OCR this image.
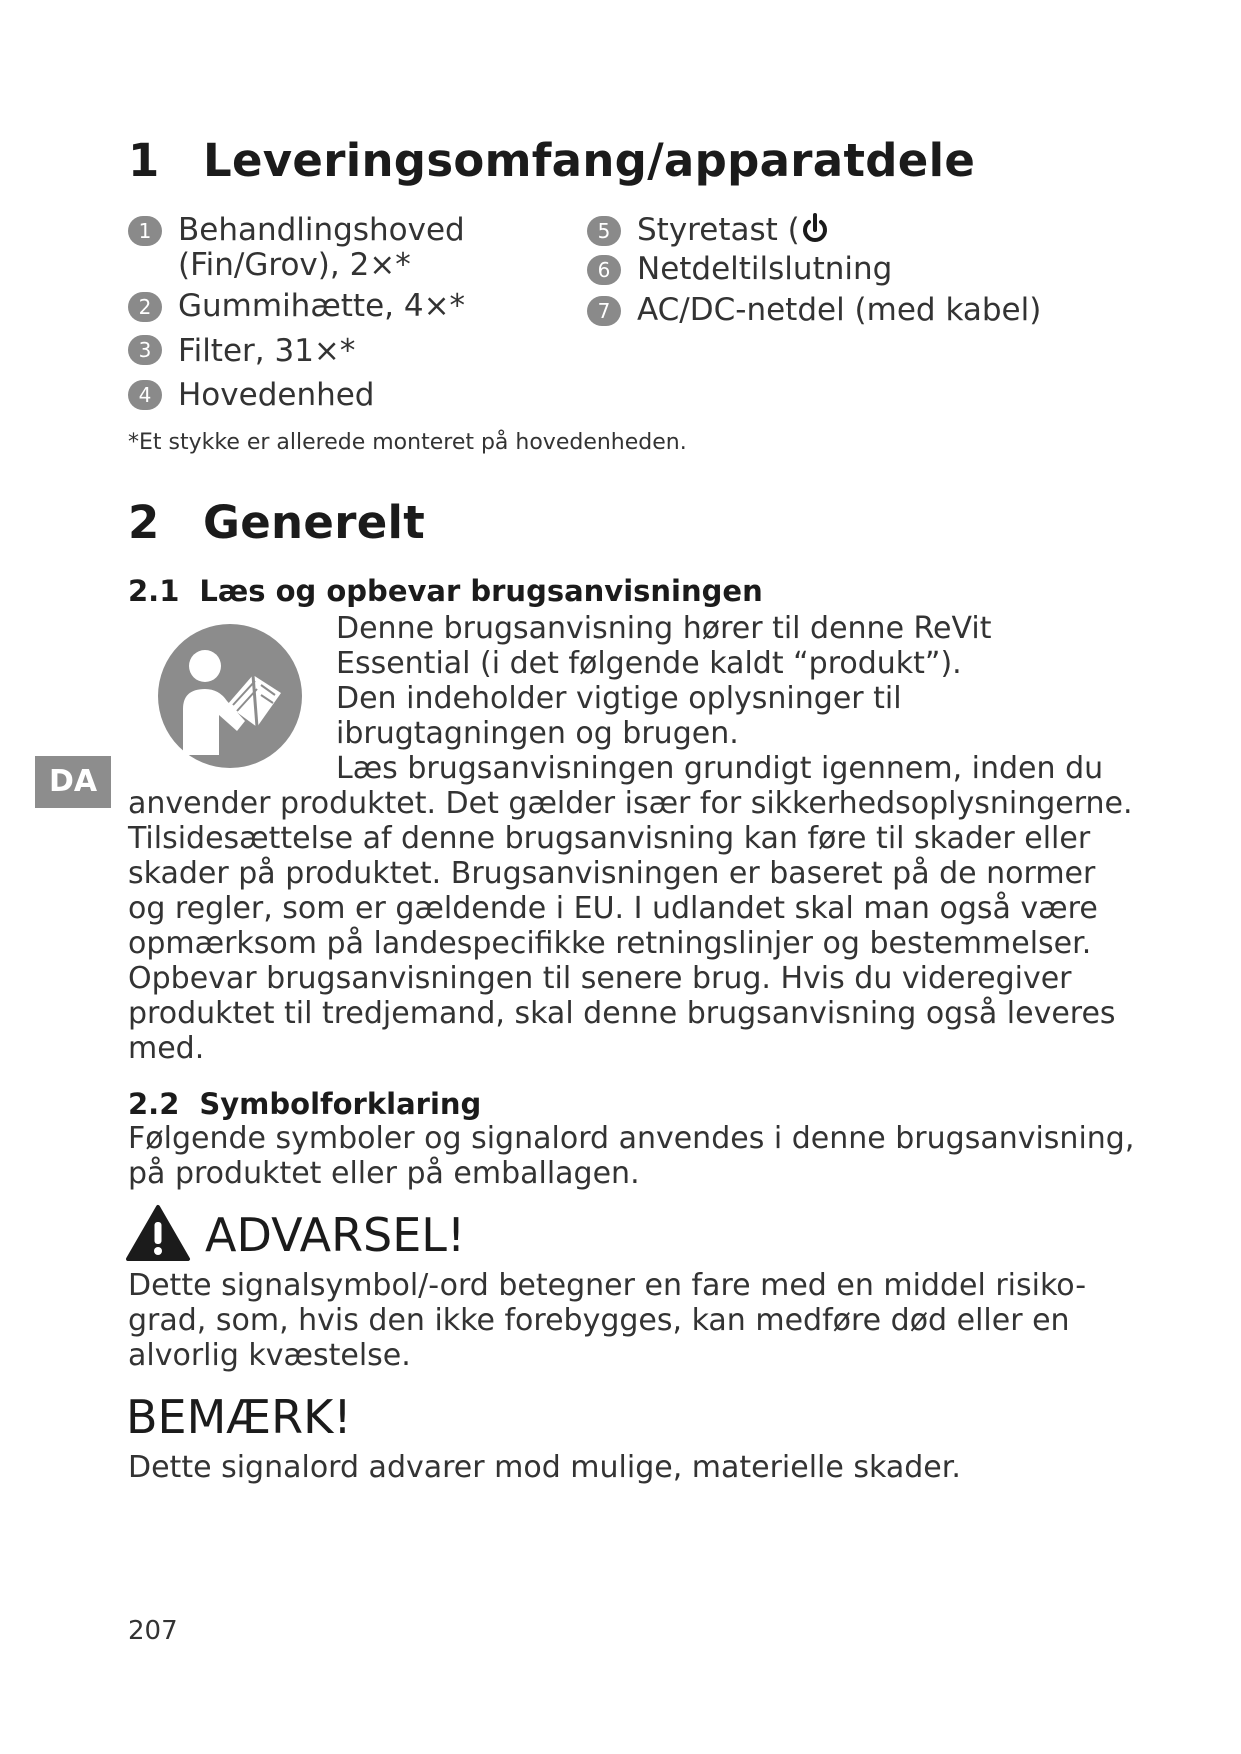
DA
1 Leveringsomfang/apparatdele
1 Behandlingshoved
(Fin/Grov), 2×*
2 Gummihætte, 4×*
3 Filter, 31×*
4 Hovedenhed
5 Styretast (
6 Netdeltilslutning
7 AC/DC-netdel (med kabel)
*Et stykke er allerede monteret på hovedenheden.
2 Generelt
2.1 Læs og opbevar brugsanvisningen
Denne brugsanvisning hører til denne ReVit
Essential (i det følgende kaldt “produkt”).
Den indeholder vigtige oplysninger til
ibrugtagningen og brugen.
Læs brugsanvisningen grundigt igennem, inden du
anvender produktet. Det gælder især for sikkerhedsoplysningerne.
Tilsidesættelse af denne brugsanvisning kan føre til skader eller
skader på produktet. Brugsanvisningen er baseret på de normer
og regler, som er gældende i EU. I udlandet skal man også være
opmærksom på landespecifikke retningslinjer og bestemmelser.
Opbevar brugsanvisningen til senere brug. Hvis du videregiver
produktet til tredjemand, skal denne brugsanvisning også leveres
med.
2.2 Symbolforklaring
Følgende symboler og signalord anvendes i denne brugsanvisning,
på produktet eller på emballagen.
ADVARSEL!
Dette signalsymbol/-ord betegner en fare med en middel risiko-
grad, som, hvis den ikke forebygges, kan medføre død eller en
alvorlig kvæstelse.
BEMÆRK!
Dette signalord advarer mod mulige, materielle skader.
207
